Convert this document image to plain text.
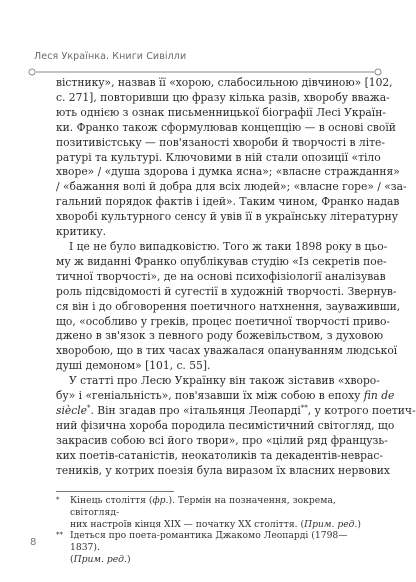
Леся Українка. Книги Сивілли
вістнику», назвав її «хорою, слабосильною дівчиною» [102,
с. 271], повторивши цю фразу кілька разів, хворобу вважа-
ють однією з ознак письменницької біографії Лесі Україн-
ки. Франко також сформулював концепцію — в основі своїй
позитивістську — пов'язаності хвороби й творчості в літе-
ратурі та культурі. Ключовими в ній стали опозиції «тіло
хворе» / «душа здорова і думка ясна»; «власне страждання»
/ «бажання волі й добра для всіх людей»; «власне горе» / «за-
гальний порядок фактів і ідей». Таким чином, Франко надав
хворобі культурного сенсу й увів її в українську літературну
критику.
І це не було випадковістю. Того ж таки 1898 року в цьо-
му ж виданні Франко опублікував студію «Із секретів поe-
тичної творчості», де на основі психофізіології аналізував
роль підсвідомості й сугестії в художній творчості. Звернув-
ся він і до обговорення поетичного натхнення, зауваживши,
що, «особливо у греків, процес поетичної творчості приво-
джено в зв'язок з певного роду божевільством, з духовою
хворобою, що в тих часах уважалася опануванням людської
душі демоном» [101, с. 55].
У статті про Лесю Українку він також зіставив «хворо-
бу» і «геніальність», пов'язавши їх між собою в епоху fin de
siècle*. Він згадав про «італьянця Леопарді**, у котрого поетич-
ний фізична хорoба породила песимістичний світогляд, що
закрасив собою всі його твори», про «цілий ряд французь-
ких поетів-сатаністів, неокатоликів та декадентів-неврас-
теників, у котрих поезія була виразом їх власних нервових
* Кінець століття (фр.). Термін на позначення, зокрема, світогляд-
них настроїв кінця XIX — початку XX століття. (Прим. ред.)
** Ідеться про поета-романтика Джакомо Леопарді (1798—1837).
(Прим. ред.)
8
